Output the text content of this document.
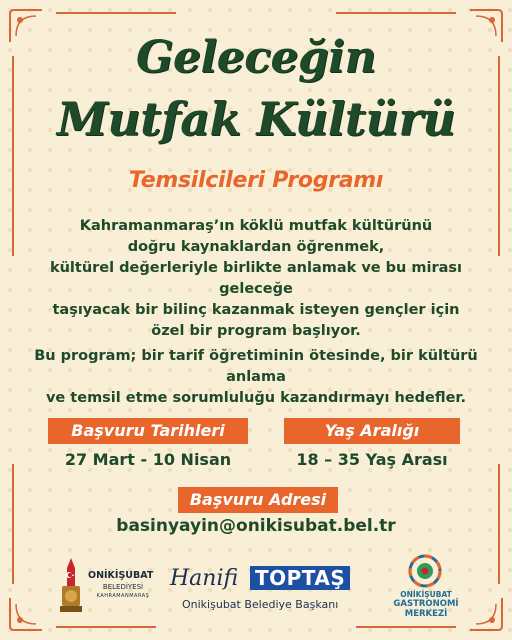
Geleceğin
Mutfak Kültürü
Temsilcileri Programı

Kahramanmaraş’ın köklü mutfak kültürünü

doğru kaynaklardan öğrenmek,

kültürel değerleriyle birlikte anlamak ve bu mirası geleceğe

taşıyacak bir bilinç kazanmak isteyen gençler için

özel bir program başlıyor.

Bu program; bir tarif öğretiminin ötesinde, bir kültürü anlama

ve temsil etme sorumluluğu kazandırmayı hedefler.

Başvuru Tarihleri
27 Mart - 10 Nisan
Yaş Aralığı
18 – 35 Yaş Arası
Başvuru Adresi
basinyayin@onikisubat.bel.tr
ONİKİŞUBAT
BELEDİYESİ
KAHRAMANMARAŞ
Hanifi TOPTAŞ
Onikişubat Belediye Başkanı
ONİKİŞUBAT
GASTRONOMİ
MERKEZİ
